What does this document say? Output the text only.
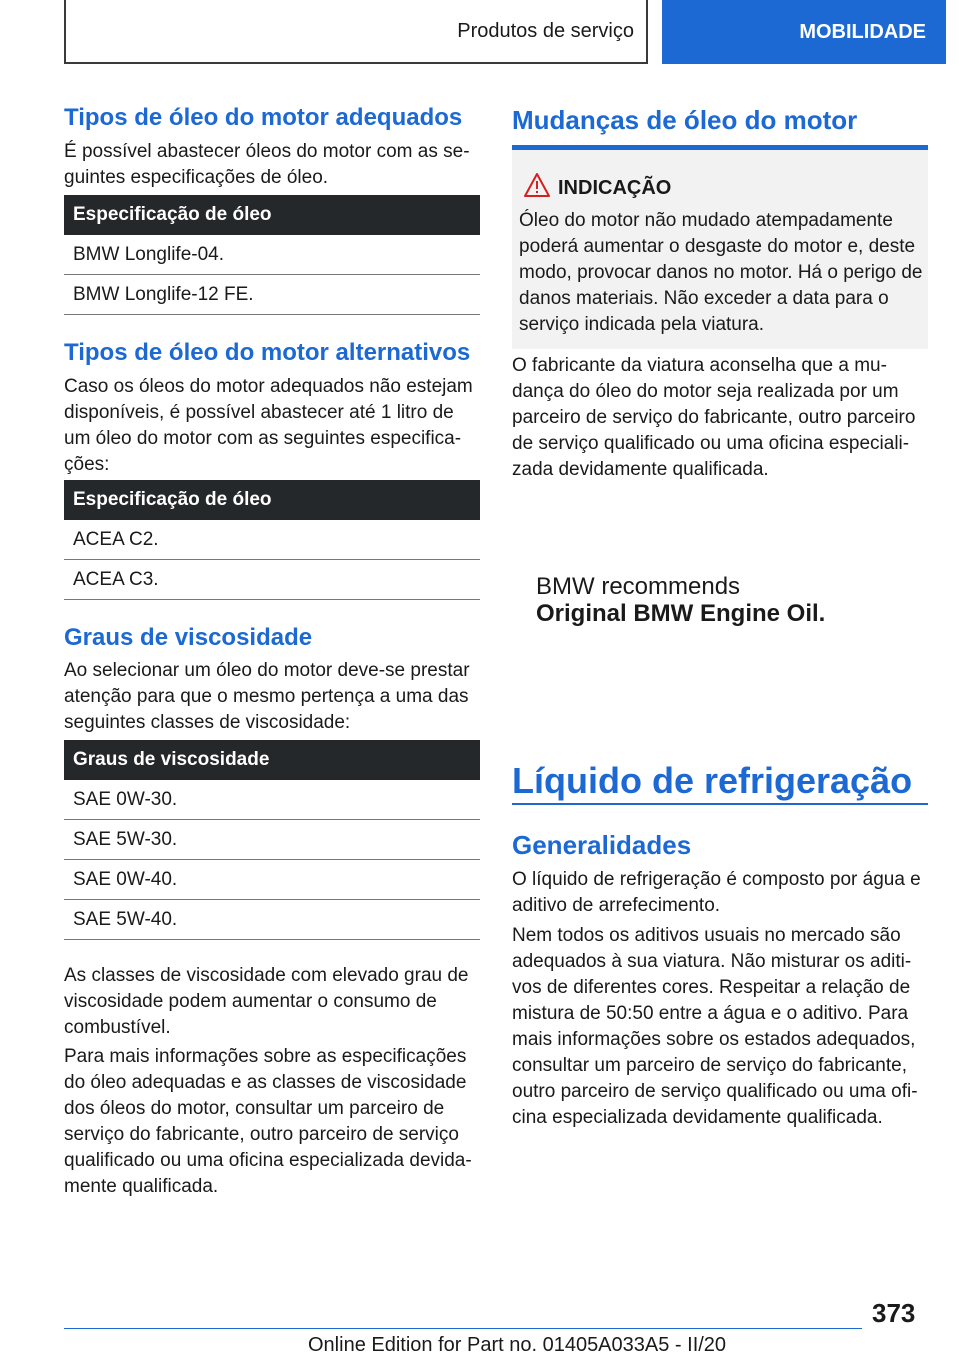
Produtos de serviço	MOBILIDADE
Tipos de óleo do motor adequados

É possível abastecer óleos do motor com as se-guintes especificações de óleo.

Especificação de óleo
BMW Longlife-04.
BMW Longlife-12 FE.
Tipos de óleo do motor alternativos

Caso os óleos do motor adequados não estejam disponíveis, é possível abastecer até 1 litro de um óleo do motor com as seguintes especifica-ções:

Especificação de óleo
ACEA C2.
ACEA C3.
Graus de viscosidade

Ao selecionar um óleo do motor deve-se prestar atenção para que o mesmo pertença a uma das seguintes classes de viscosidade:

Graus de viscosidade
SAE 0W-30.
SAE 5W-30.
SAE 0W-40.
SAE 5W-40.

As classes de viscosidade com elevado grau de viscosidade podem aumentar o consumo de combustível.

Para mais informações sobre as especificações do óleo adequadas e as classes de viscosidade dos óleos do motor, consultar um parceiro de serviço do fabricante, outro parceiro de serviço qualificado ou uma oficina especializada devida-mente qualificada.

Mudanças de óleo do motor
INDICAÇÃO
Óleo do motor não mudado atempadamente poderá aumentar o desgaste do motor e, deste modo, provocar danos no motor. Há o perigo de danos materiais. Não exceder a data para o serviço indicada pela viatura.

O fabricante da viatura aconselha que a mu-dança do óleo do motor seja realizada por um parceiro de serviço do fabricante, outro parceiro de serviço qualificado ou uma oficina especiali-zada devidamente qualificada.

BMW recommends
Original BMW Engine Oil.
Líquido de refrigeração
Generalidades

O líquido de refrigeração é composto por água e aditivo de arrefecimento.

Nem todos os aditivos usuais no mercado são adequados à sua viatura. Não misturar os aditi-vos de diferentes cores. Respeitar a relação de mistura de 50:50 entre a água e o aditivo. Para mais informações sobre os estados adequados, consultar um parceiro de serviço do fabricante, outro parceiro de serviço qualificado ou uma ofi-cina especializada devidamente qualificada.

373
Online Edition for Part no. 01405A033A5 - II/20
